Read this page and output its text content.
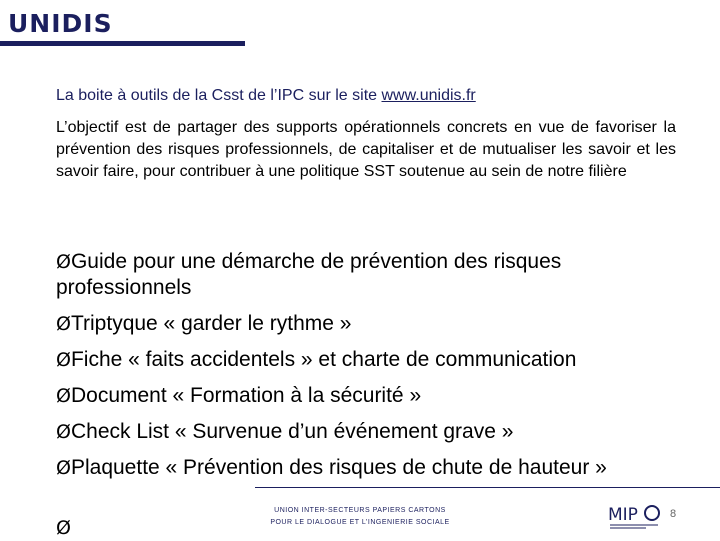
UNIDIS
La boite à outils de la Csst de l’IPC sur le site www.unidis.fr
L’objectif est de partager des supports opérationnels concrets en vue de favoriser la prévention des risques professionnels, de capitaliser et de mutualiser les savoir et les savoir faire, pour contribuer à une politique SST soutenue au sein de notre filière
ØGuide pour une démarche de prévention des risques professionnels
ØTriptyque « garder le rythme »
ØFiche « faits accidentels » et charte de communication
ØDocument « Formation à la sécurité »
ØCheck List « Survenue d’un événement grave »
ØPlaquette « Prévention des risques de chute de hauteur »
Ø
UNION INTER-SECTEURS PAPIERS CARTONS
POUR LE DIALOGUE ET L’INGENIERIE SOCIALE	MIP	8
